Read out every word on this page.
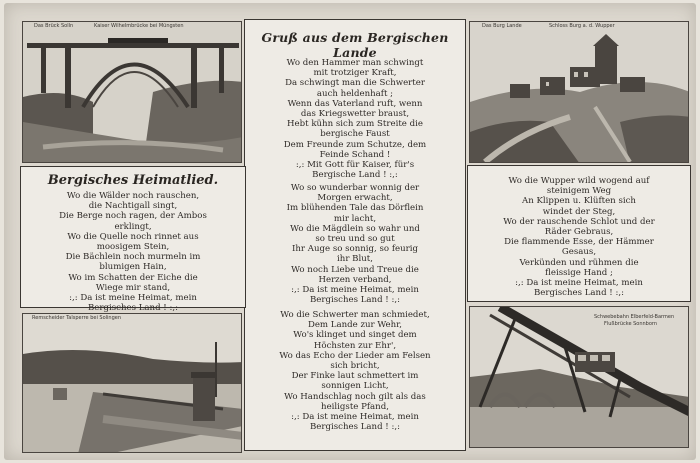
Das Brück Solln	Kaiser Wilhelmbrücke bei Müngsten	Das Burg Lande	Schloss Burg a. d. Wupper
Remscheider Talsperre bei Solingen	Schwebebahn Elberfeld-Barmen
Flußbrücke Sonnborn
Gruß aus dem Bergischen Lande
Wo den Hammer man schwingt
mit trotziger Kraft,
Da schwingt man die Schwerter
auch heldenhaft ;
Wenn das Vaterland ruft, wenn
das Kriegswetter braust,
Hebt kühn sich zum Streite die
bergische Faust
Dem Freunde zum Schutze, dem
Feinde Schand !
:,: Mit Gott für Kaiser, für's
Bergische Land ! :,:
Wo so wunderbar wonnig der
Morgen erwacht,
Im blühenden Tale das Dörflein
mir lacht,
Wo die Mägdlein so wahr und
so treu und so gut
Ihr Auge so sonnig, so feurig
ihr Blut,
Wo noch Liebe und Treue die
Herzen verband,
:,: Da ist meine Heimat, mein
Bergisches Land ! :,:
Wo die Schwerter man schmiedet,
Dem Lande zur Wehr,
Wo's klinget und singet dem
Höchsten zur Ehr',
Wo das Echo der Lieder am Felsen
sich bricht,
Der Finke laut schmettert im
sonnigen Licht,
Wo Handschlag noch gilt als das
heiligste Pfand,
:,: Da ist meine Heimat, mein
Bergisches Land ! :,:
Bergisches Heimatlied.
Wo die Wälder noch rauschen,
die Nachtigall singt,
Die Berge noch ragen, der Ambos
erklingt,
Wo die Quelle noch rinnet aus
moosigem Stein,
Die Bächlein noch murmeln im
blumigen Hain,
Wo im Schatten der Eiche die
Wiege mir stand,
:,: Da ist meine Heimat, mein
Bergisches Land ! :,:
Wo die Wupper wild wogend auf
steinigem Weg
An Klippen u. Klüften sich
windet der Steg,
Wo der rauschende Schlot und der
Räder Gebraus,
Die flammende Esse, der Hämmer
Gesaus,
Verkünden und rühmen die
fleissige Hand ;
:,: Da ist meine Heimat, mein
Bergisches Land ! :,:
